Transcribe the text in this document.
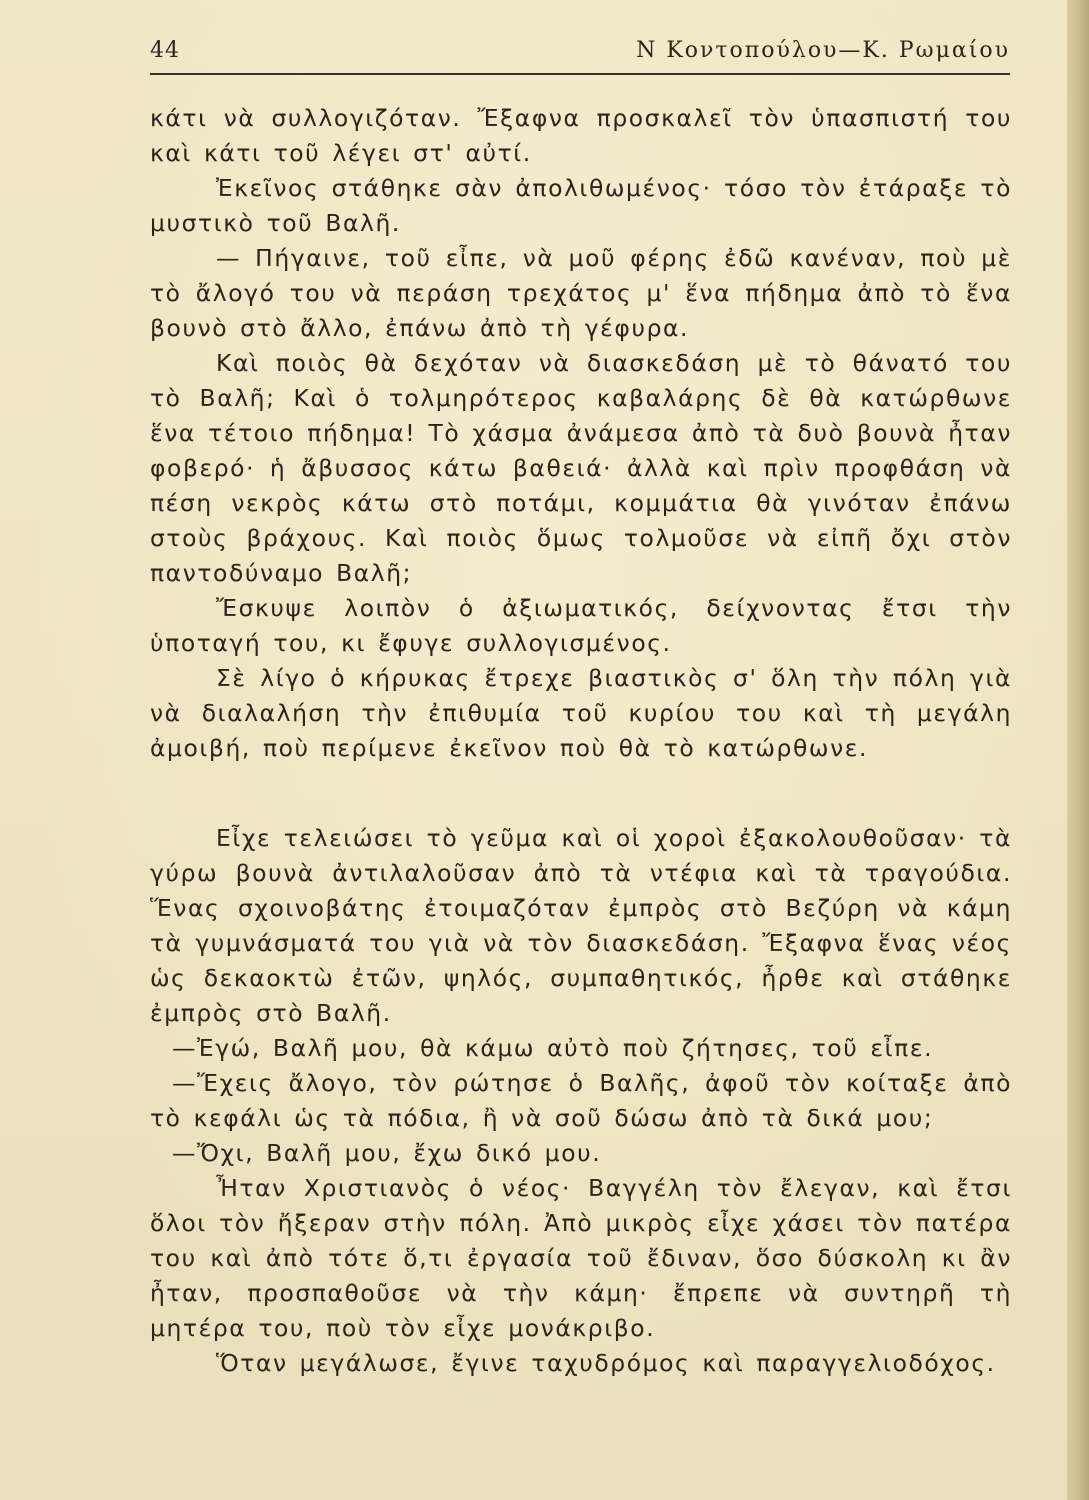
44	Ν Κοντοπούλου—Κ. Ρωμαίου

κάτι νὰ συλλογιζόταν. Ἔξαφνα προσκαλεῖ τὸν ὑπασπιστή του καὶ κάτι τοῦ λέγει στ' αὐτί.

Ἐκεῖνος στάθηκε σὰν ἀπολιθωμένος· τόσο τὸν ἐτάραξε τὸ μυστικὸ τοῦ Βαλῆ.

— Πήγαινε, τοῦ εἶπε, νὰ μοῦ φέρης ἐδῶ κανέναν, ποὺ μὲ τὸ ἄλογό του νὰ περάση τρεχάτος μ' ἕνα πήδημα ἀπὸ τὸ ἕνα βουνὸ στὸ ἄλλο, ἐπάνω ἀπὸ τὴ γέφυρα.

Καὶ ποιὸς θὰ δεχόταν νὰ διασκεδάση μὲ τὸ θάνατό του τὸ Βαλῆ; Καὶ ὁ τολμηρότερος καβαλάρης δὲ θὰ κατώρθωνε ἕνα τέτοιο πήδημα! Τὸ χάσμα ἀνάμεσα ἀπὸ τὰ δυὸ βουνὰ ἦταν φοβερό· ἡ ἄβυσσος κάτω βαθειά· ἀλλὰ καὶ πρὶν προφθάση νὰ πέση νεκρὸς κάτω στὸ ποτάμι, κομμάτια θὰ γινόταν ἐπάνω στοὺς βράχους. Καὶ ποιὸς ὅμως τολμοῦσε νὰ εἰπῆ ὄχι στὸν παντοδύναμο Βαλῆ;

Ἔσκυψε λοιπὸν ὁ ἀξιωματικός, δείχνοντας ἔτσι τὴν ὑποταγή του, κι ἔφυγε συλλογισμένος.

Σὲ λίγο ὁ κήρυκας ἔτρεχε βιαστικὸς σ' ὅλη τὴν πόλη γιὰ νὰ διαλαλήση τὴν ἐπιθυμία τοῦ κυρίου του καὶ τὴ μεγάλη ἀμοιβή, ποὺ περίμενε ἐκεῖνον ποὺ θὰ τὸ κατώρθωνε.

Εἶχε τελειώσει τὸ γεῦμα καὶ οἱ χοροὶ ἐξακολουθοῦσαν· τὰ γύρω βουνὰ ἀντιλαλοῦσαν ἀπὸ τὰ ντέφια καὶ τὰ τραγούδια. Ἕνας σχοινοβάτης ἐτοιμαζόταν ἐμπρὸς στὸ Βεζύρη νὰ κάμη τὰ γυμνάσματά του γιὰ νὰ τὸν διασκεδάση. Ἔξαφνα ἕνας νέος ὡς δεκαοκτὼ ἐτῶν, ψηλός, συμπαθητικός, ἦρθε καὶ στάθηκε ἐμπρὸς στὸ Βαλῆ.

—Ἐγώ, Βαλῆ μου, θὰ κάμω αὐτὸ ποὺ ζήτησες, τοῦ εἶπε.

—Ἔχεις ἄλογο, τὸν ρώτησε ὁ Βαλῆς, ἀφοῦ τὸν κοίταξε ἀπὸ τὸ κεφάλι ὡς τὰ πόδια, ἢ νὰ σοῦ δώσω ἀπὸ τὰ δικά μου;

—Ὄχι, Βαλῆ μου, ἔχω δικό μου.

Ἦταν Χριστιανὸς ὁ νέος· Βαγγέλη τὸν ἔλεγαν, καὶ ἔτσι ὅλοι τὸν ἤξεραν στὴν πόλη. Ἀπὸ μικρὸς εἶχε χάσει τὸν πατέρα του καὶ ἀπὸ τότε ὅ,τι ἐργασία τοῦ ἔδιναν, ὅσο δύσκολη κι ἂν ἦταν, προσπαθοῦσε νὰ τὴν κάμη· ἔπρεπε νὰ συντηρῆ τὴ μητέρα του, ποὺ τὸν εἶχε μονάκριβο.

Ὅταν μεγάλωσε, ἔγινε ταχυδρόμος καὶ παραγγελιοδόχος.
